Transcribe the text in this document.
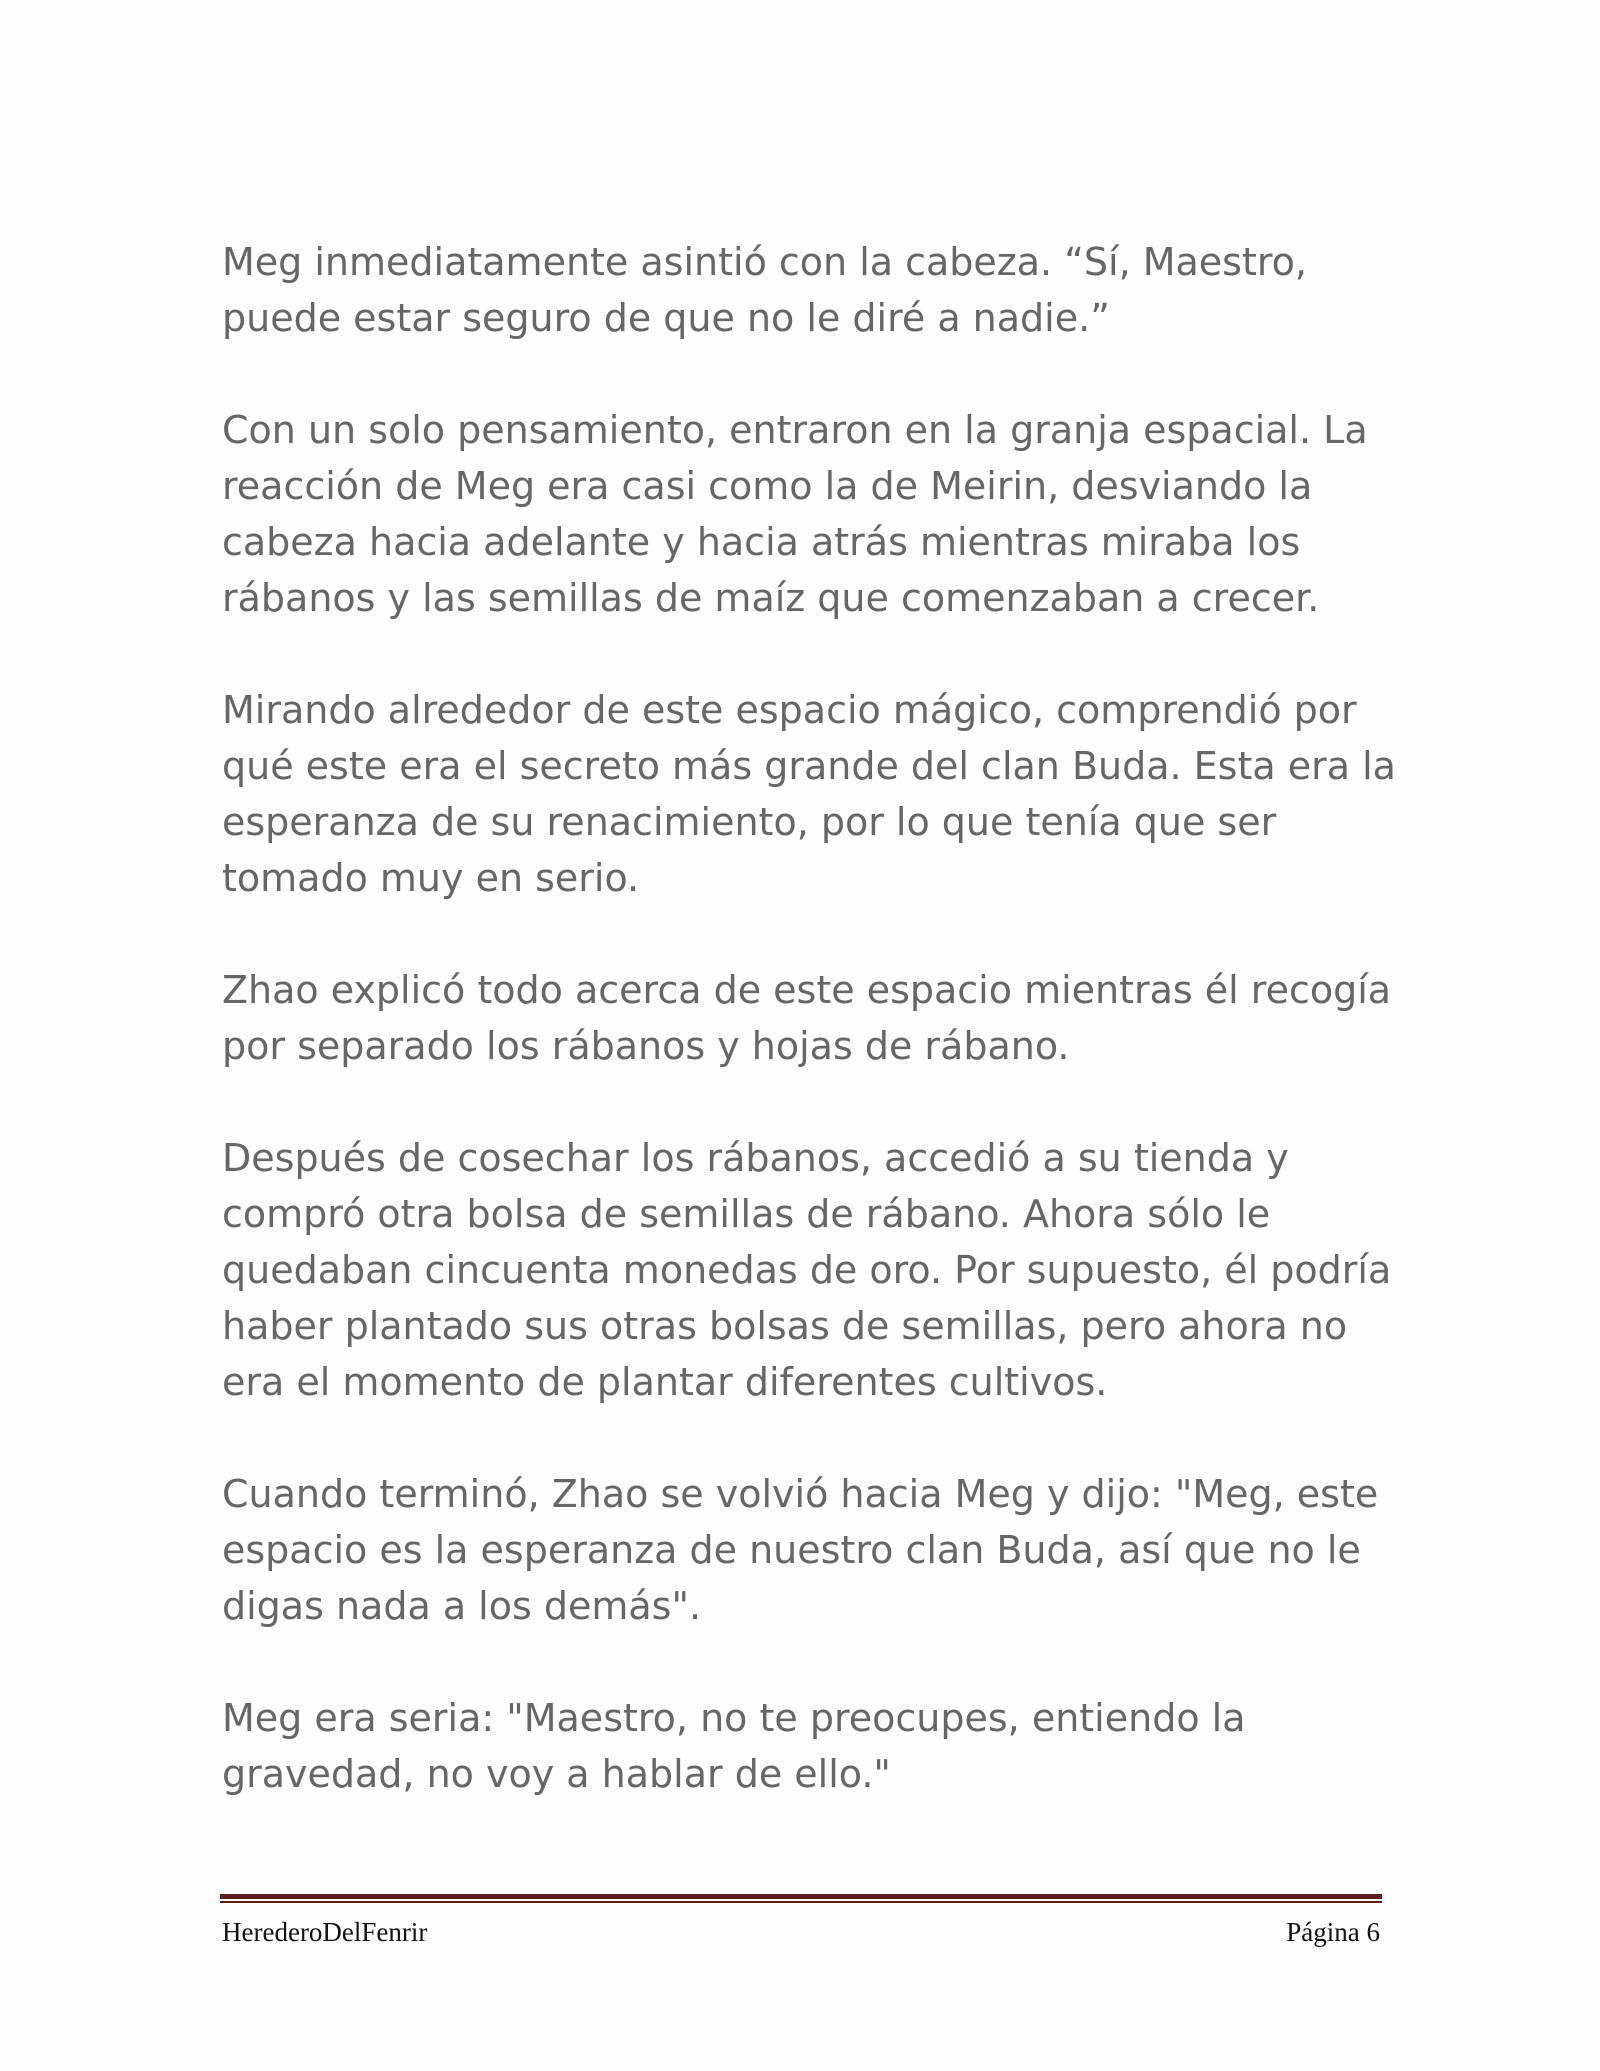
Meg inmediatamente asintió con la cabeza. “Sí, Maestro,
puede estar seguro de que no le diré a nadie.”

Con un solo pensamiento, entraron en la granja espacial. La
reacción de Meg era casi como la de Meirin, desviando la
cabeza hacia adelante y hacia atrás mientras miraba los
rábanos y las semillas de maíz que comenzaban a crecer.

Mirando alrededor de este espacio mágico, comprendió por
qué este era el secreto más grande del clan Buda. Esta era la
esperanza de su renacimiento, por lo que tenía que ser
tomado muy en serio.

Zhao explicó todo acerca de este espacio mientras él recogía
por separado los rábanos y hojas de rábano.

Después de cosechar los rábanos, accedió a su tienda y
compró otra bolsa de semillas de rábano. Ahora sólo le
quedaban cincuenta monedas de oro. Por supuesto, él podría
haber plantado sus otras bolsas de semillas, pero ahora no
era el momento de plantar diferentes cultivos.

Cuando terminó, Zhao se volvió hacia Meg y dijo: "Meg, este
espacio es la esperanza de nuestro clan Buda, así que no le
digas nada a los demás".

Meg era seria: "Maestro, no te preocupes, entiendo la
gravedad, no voy a hablar de ello."

HerederoDelFenrir	Página 6
